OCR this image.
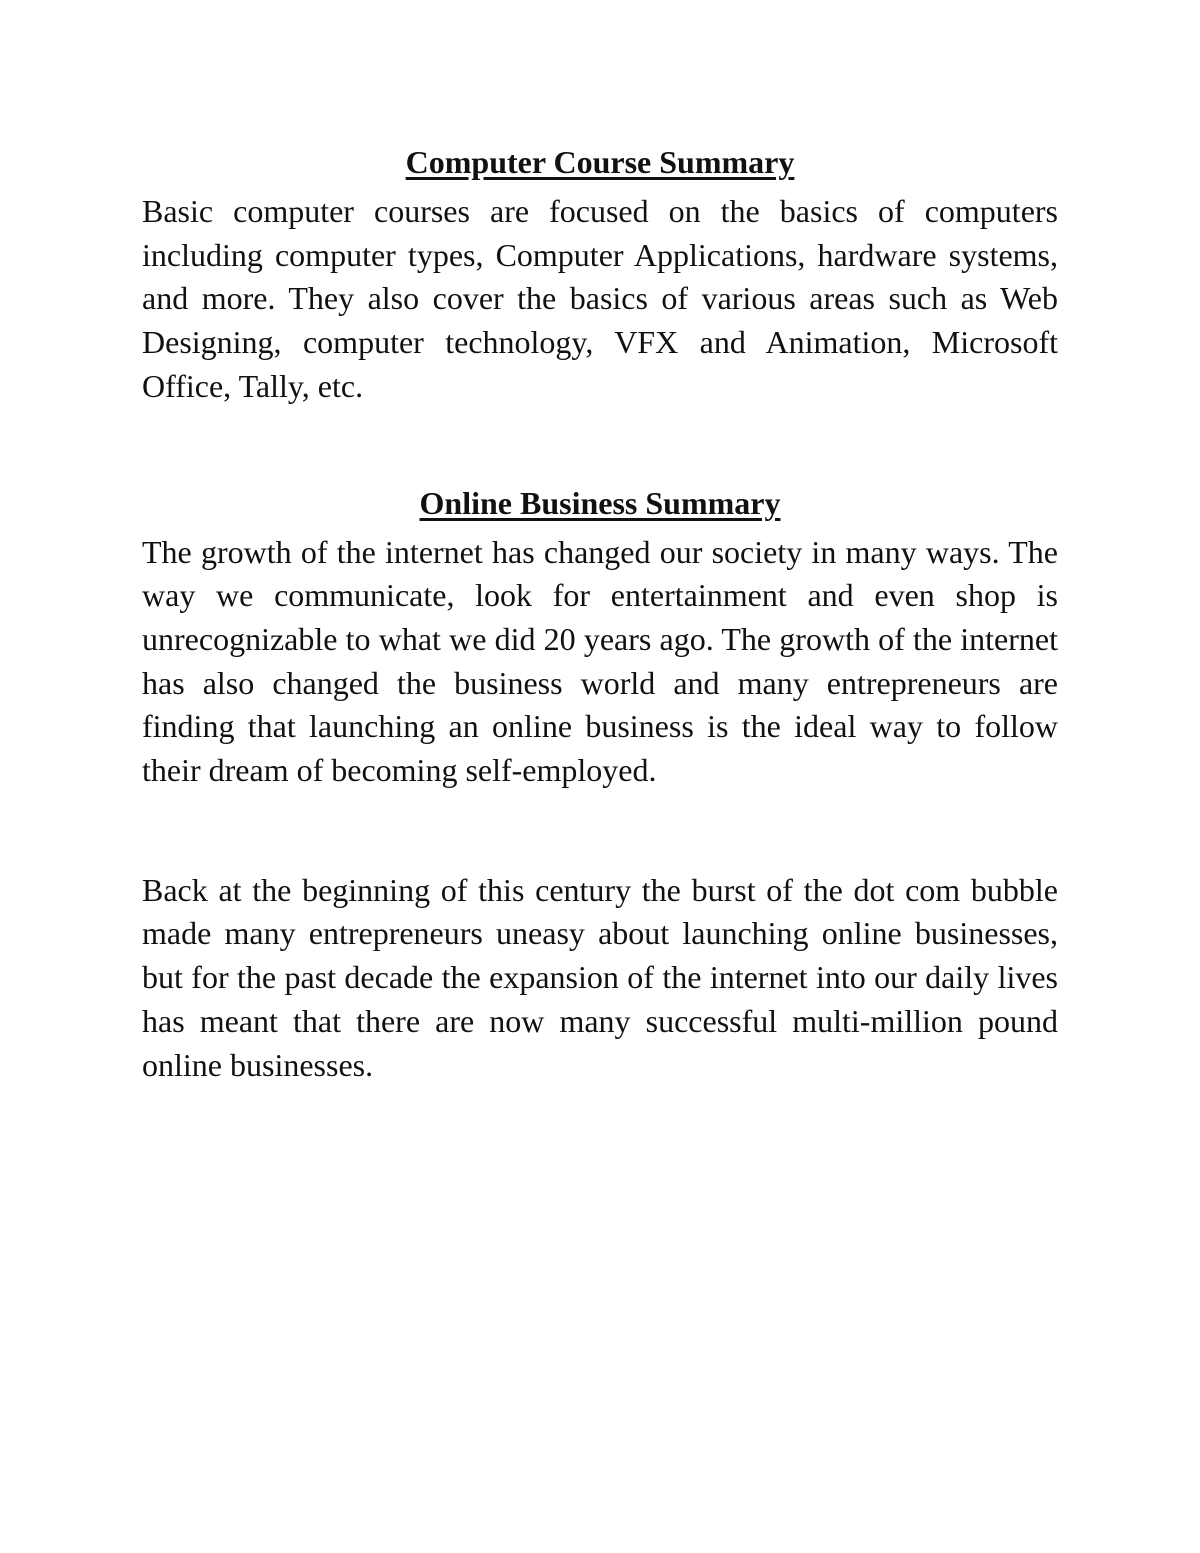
Computer Course Summary

Basic computer courses are focused on the basics of computers including computer types, Computer Applications, hardware systems, and more. They also cover the basics of various areas such as Web Designing, computer technology, VFX and Animation, Microsoft Office, Tally, etc.

Online Business Summary

The growth of the internet has changed our society in many ways. The way we communicate, look for entertainment and even shop is unrecognizable to what we did 20 years ago. The growth of the internet has also changed the business world and many entrepreneurs are finding that launching an online business is the ideal way to follow their dream of becoming self-employed.

Back at the beginning of this century the burst of the dot com bubble made many entrepreneurs uneasy about launching online businesses, but for the past decade the expansion of the internet into our daily lives has meant that there are now many successful multi-million pound online businesses.
